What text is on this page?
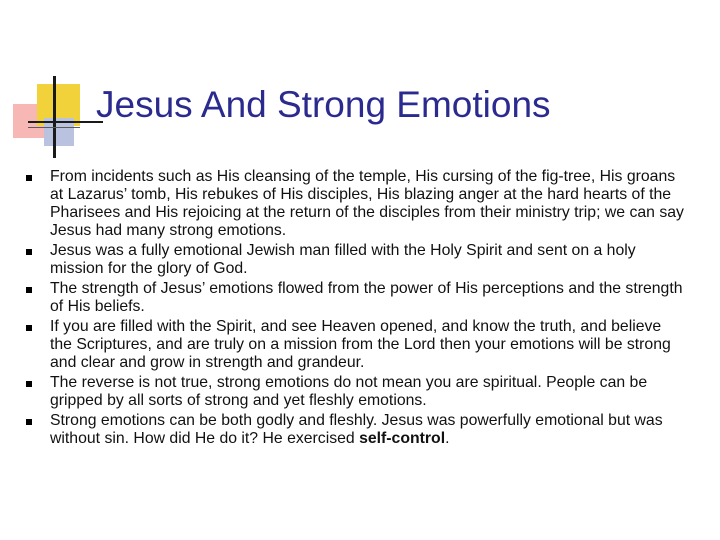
Jesus And Strong Emotions
From incidents such as His cleansing of the temple, His cursing of the fig-tree, His groans at Lazarus’ tomb, His rebukes of His disciples, His blazing anger at the hard hearts of the Pharisees and His rejoicing at the return of the disciples from their ministry trip; we can say Jesus had many strong emotions.
Jesus was a fully emotional Jewish man filled with the Holy Spirit and sent on a holy mission for the glory of God.
The strength of Jesus’ emotions flowed from the power of His perceptions and the strength of His beliefs.
If you are filled with the Spirit, and see Heaven opened, and know the truth, and believe the Scriptures, and are truly on a mission from the Lord then your emotions will be strong and clear and grow in strength and grandeur.
The reverse is not true, strong emotions do not mean you are spiritual. People can be gripped by all sorts of strong and yet fleshly emotions.
Strong emotions can be both godly and fleshly. Jesus was powerfully emotional but was without sin. How did He do it? He exercised self-control.
